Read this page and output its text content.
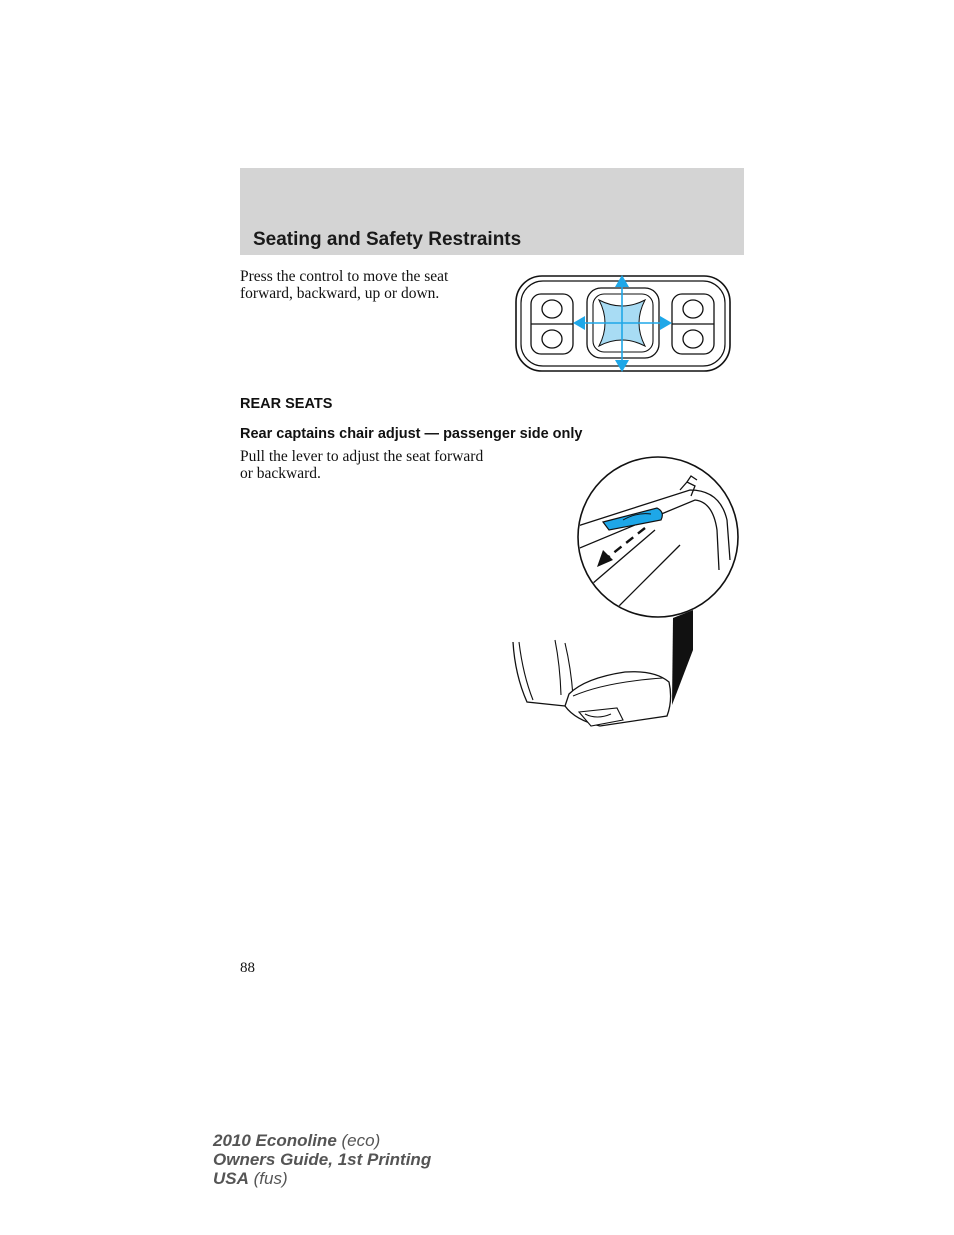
Seating and Safety Restraints

Press the control to move the seat forward, backward, up or down.

REAR SEATS
Rear captains chair adjust — passenger side only

Pull the lever to adjust the seat forward or backward.

88

2010 Econoline (eco)
Owners Guide, 1st Printing
USA (fus)
